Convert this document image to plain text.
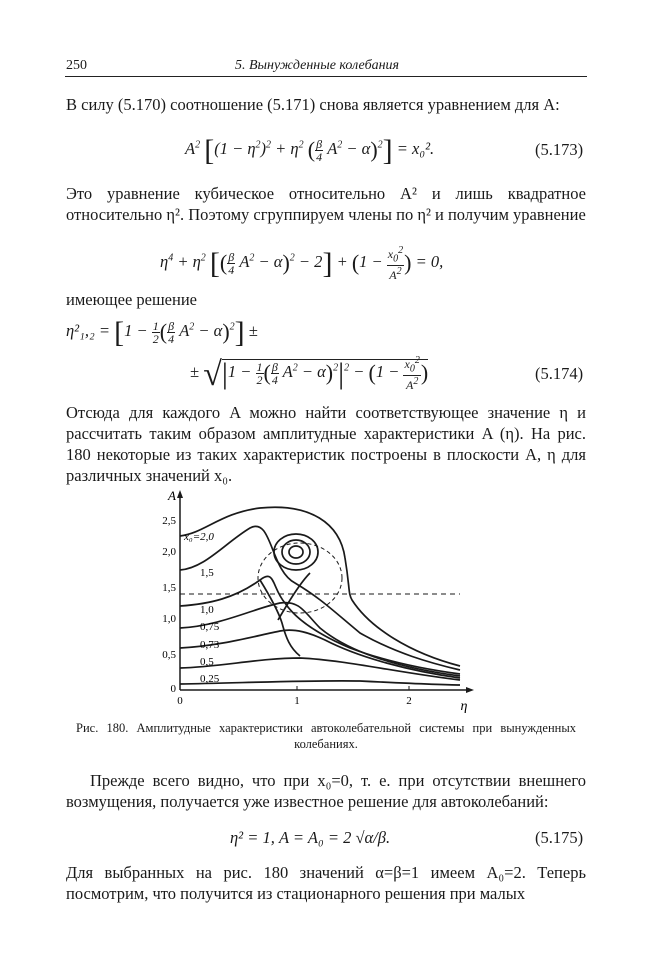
250	5. Вынужденные колебания
В силу (5.170) соотношение (5.171) снова является уравнением для A:
$A^2$ [$(1 - \eta^2)^2 + \eta^2$ ( $\frac{\beta}{4} A^2 - \alpha)^2] = x_0^2$.	(5.173)
Это уравнение кубическое относительно A² и лишь квадратное относительно η². Поэтому сгруппируем члены по η² и получим уравнение
$\eta^4 + \eta^2$ [( $\frac{\beta}{4} A^2 - \alpha)^2 - 2] + (1 - \frac{x_0^2}{A^2}$ ) = 0,
имеющее решение
$\eta^2_1,_2 = [1 - \frac{1}{2}$ ( $\frac{\beta}{4} A^2 - \alpha)^2$] ±
± $√|1 - \frac{1}{2}$ ( $\frac{\beta}{4} A^2 - \alpha)^2|^2 - (1 - \frac{x_0^2}{A^2}$ )	(5.174)
Отсюда для каждого A можно найти соответствующее значение η и рассчитать таким образом амплитудные характеристики A (η). На рис. 180 некоторые из таких характеристик построены в плоскости A, η для различных значений x₀.
A
2,5
2,0
1,5
1,0
0,5
0
0	1	2	η
x₀=2,0
1,5
1,0
0,75
0,73
0,5
0,25
Рис. 180. Амплитудные характеристики автоколебательной системы при вынужденных колебаниях.
Прежде всего видно, что при x₀=0, т. е. при отсутствии внешнего возмущения, получается уже известное решение для автоколебаний:
η² = 1, A = A₀ = 2 √α/β.	(5.175)
Для выбранных на рис. 180 значений α=β=1 имеем A₀=2. Теперь посмотрим, что получится из стационарного решения при малых
